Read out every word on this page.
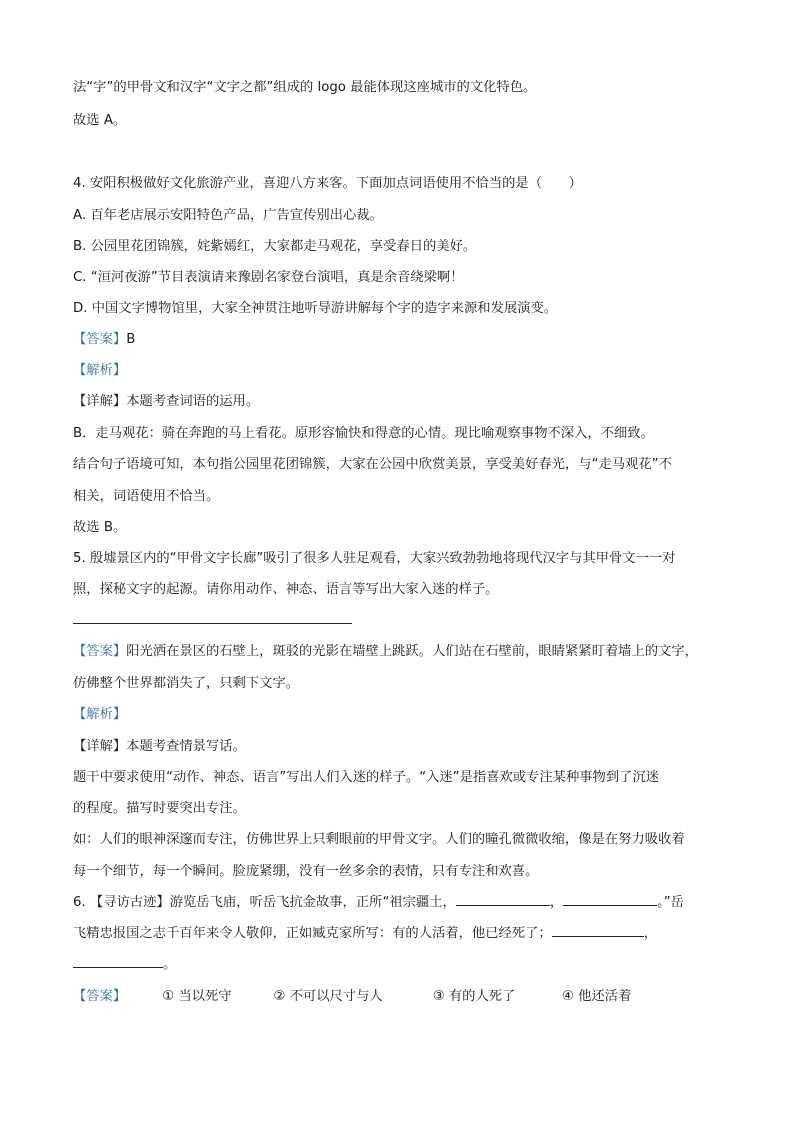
法“字”的甲骨文和汉字“文字之都”组成的 logo 最能体现这座城市的文化特色。
故选 A。
4. 安阳积极做好文化旅游产业，喜迎八方来客。下面加点词语使用不恰当的是（　　）
A. 百年老店展示安阳特色产品，广告宣传别出心裁。
B. 公园里花团锦簇，姹紫嫣红，大家都走马观花，享受春日的美好。
C. “洹河夜游”节目表演请来豫剧名家登台演唱，真是余音绕梁啊！
D. 中国文字博物馆里，大家全神贯注地听导游讲解每个字的造字来源和发展演变。
【答案】B
【解析】
【详解】本题考查词语的运用。
B．走马观花：骑在奔跑的马上看花。原形容愉快和得意的心情。现比喻观察事物不深入，不细致。
结合句子语境可知，本句指公园里花团锦簇，大家在公园中欣赏美景，享受美好春光，与“走马观花”不
相关，词语使用不恰当。
故选 B。
5. 殷墟景区内的“甲骨文字长廊”吸引了很多人驻足观看，大家兴致勃勃地将现代汉字与其甲骨文一一对
照，探秘文字的起源。请你用动作、神态、语言等写出大家入迷的样子。
【答案】阳光洒在景区的石壁上，斑驳的光影在墙壁上跳跃。人们站在石壁前，眼睛紧紧盯着墙上的文字，
仿佛整个世界都消失了，只剩下文字。
【解析】
【详解】本题考查情景写话。
题干中要求使用“动作、神态、语言”写出人们入迷的样子。“入迷”是指喜欢或专注某种事物到了沉迷
的程度。描写时要突出专注。
如：人们的眼神深邃而专注，仿佛世界上只剩眼前的甲骨文字。人们的瞳孔微微收缩，像是在努力吸收着
每一个细节，每一个瞬间。脸庞紧绷，没有一丝多余的表情，只有专注和欢喜。
6. 【寻访古迹】游览岳飞庙，听岳飞抗金故事，正所“祖宗疆土，	，	。”岳
飞精忠报国之志千百年来令人敬仰，正如臧克家所写：有的人活着，他已经死了；	，
。
【答案】	① 当以死守	② 不可以尺寸与人	③ 有的人死了	④ 他还活着
